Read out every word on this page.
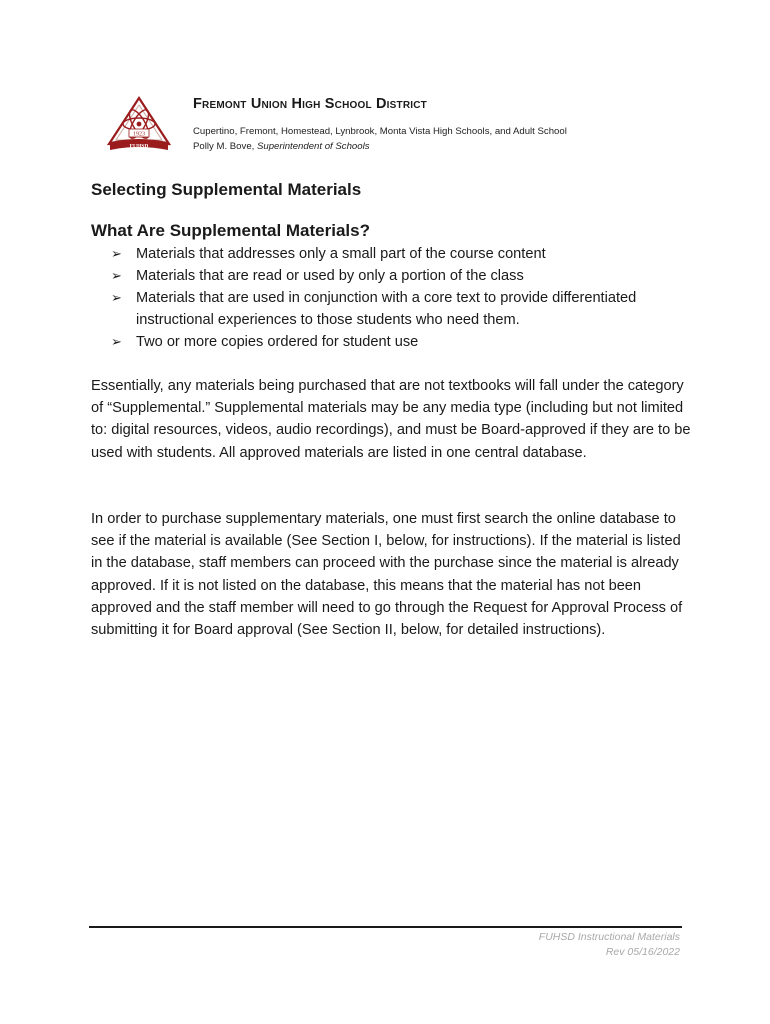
1923
FUHSD
Fremont Union High School District
Cupertino, Fremont, Homestead, Lynbrook, Monta Vista High Schools, and Adult School
Polly M. Bove, Superintendent of Schools
Selecting Supplemental Materials
What Are Supplemental Materials?
➢ Materials that addresses only a small part of the course content
➢ Materials that are read or used by only a portion of the class
➢ Materials that are used in conjunction with a core text to provide differentiated instructional experiences to those students who need them.
➢ Two or more copies ordered for student use

Essentially, any materials being purchased that are not textbooks will fall under the category of “Supplemental.” Supplemental materials may be any media type (including but not limited to: digital resources, videos, audio recordings), and must be Board-approved if they are to be used with students. All approved materials are listed in one central database.

In order to purchase supplementary materials, one must first search the online database to see if the material is available (See Section I, below, for instructions). If the material is listed in the database, staff members can proceed with the purchase since the material is already approved. If it is not listed on the database, this means that the material has not been approved and the staff member will need to go through the Request for Approval Process of submitting it for Board approval (See Section II, below, for detailed instructions).

FUHSD Instructional Materials
Rev 05/16/2022
